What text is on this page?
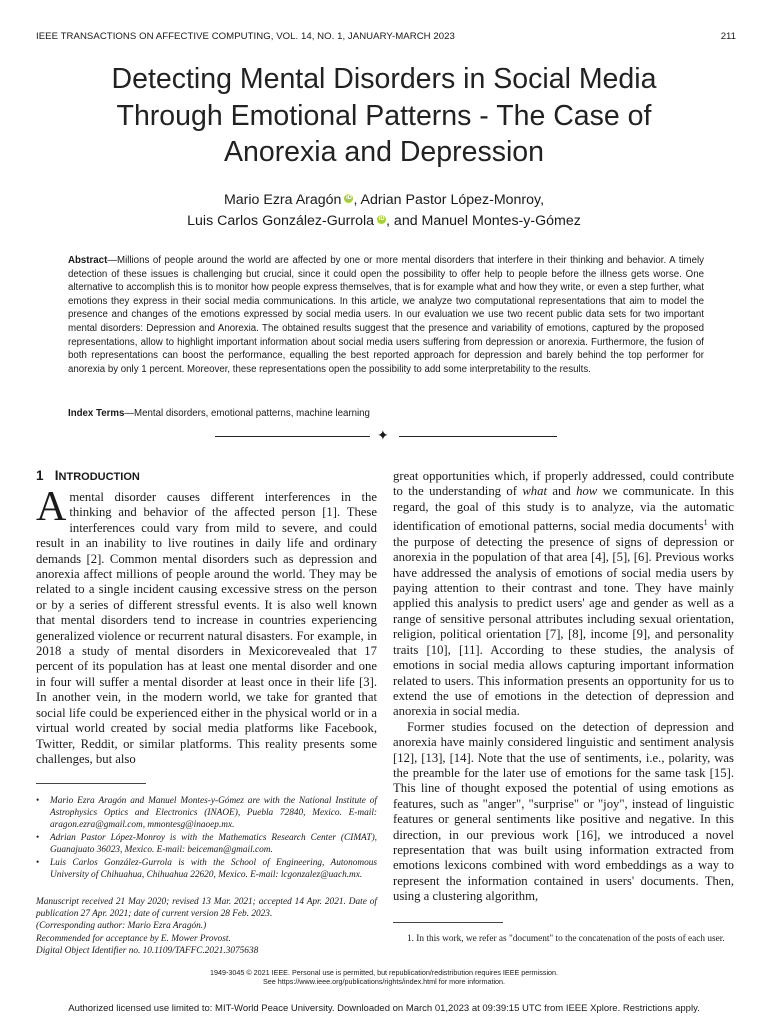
IEEE TRANSACTIONS ON AFFECTIVE COMPUTING, VOL. 14, NO. 1, JANUARY-MARCH 2023	211
Detecting Mental Disorders in Social Media
Through Emotional Patterns - The Case of
Anorexia and Depression
Mario Ezra Aragón iD , Adrian Pastor López-Monroy,
Luis Carlos González-Gurrola iD , and Manuel Montes-y-Gómez
Abstract—Millions of people around the world are affected by one or more mental disorders that interfere in their thinking and behavior. A timely detection of these issues is challenging but crucial, since it could open the possibility to offer help to people before the illness gets worse. One alternative to accomplish this is to monitor how people express themselves, that is for example what and how they write, or even a step further, what emotions they express in their social media communications. In this article, we analyze two computational representations that aim to model the presence and changes of the emotions expressed by social media users. In our evaluation we use two recent public data sets for two important mental disorders: Depression and Anorexia. The obtained results suggest that the presence and variability of emotions, captured by the proposed representations, allow to highlight important information about social media users suffering from depression or anorexia. Furthermore, the fusion of both representations can boost the performance, equalling the best reported approach for depression and barely behind the top performer for anorexia by only 1 percent. Moreover, these representations open the possibility to add some interpretability to the results.
Index Terms—Mental disorders, emotional patterns, machine learning
✦
1 INTRODUCTION

A mental disorder causes different interferences in the thinking and behavior of the affected person [1]. These interferences could vary from mild to severe, and could result in an inability to live routines in daily life and ordinary demands [2]. Common mental disorders such as depression and anorexia affect millions of people around the world. They may be related to a single incident causing excessive stress on the person or by a series of different stressful events. It is also well known that mental disorders tend to increase in countries experiencing generalized violence or recurrent natural disasters. For example, in 2018 a study of mental disorders in Mexicorevealed that 17 percent of its population has at least one mental disorder and one in four will suffer a mental disorder at least once in their life [3]. In another vein, in the modern world, we take for granted that social life could be experienced either in the physical world or in a virtual world created by social media platforms like Facebook, Twitter, Reddit, or similar platforms. This reality presents some challenges, but also

• Mario Ezra Aragón and Manuel Montes-y-Gómez are with the National Institute of Astrophysics Optics and Electronics (INAOE), Puebla 72840, Mexico. E-mail: aragon.ezra@gmail.com, mmontesg@inaoep.mx.
• Adrian Pastor López-Monroy is with the Mathematics Research Center (CIMAT), Guanajuato 36023, Mexico. E-mail: beiceman@gmail.com.
• Luis Carlos González-Gurrola is with the School of Engineering, Autonomous University of Chihuahua, Chihuahua 22620, Mexico. E-mail: lcgonzalez@uach.mx.
Manuscript received 21 May 2020; revised 13 Mar. 2021; accepted 14 Apr. 2021. Date of publication 27 Apr. 2021; date of current version 28 Feb. 2023.
(Corresponding author: Mario Ezra Aragón.)
Recommended for acceptance by E. Mower Provost.
Digital Object Identifier no. 10.1109/TAFFC.2021.3075638

great opportunities which, if properly addressed, could contribute to the understanding of what and how we communicate. In this regard, the goal of this study is to analyze, via the automatic identification of emotional patterns, social media documents$^1$ with the purpose of detecting the presence of signs of depression or anorexia in the population of that area [4], [5], [6]. Previous works have addressed the analysis of emotions of social media users by paying attention to their contrast and tone. They have mainly applied this analysis to predict users' age and gender as well as a range of sensitive personal attributes including sexual orientation, religion, political orientation [7], [8], income [9], and personality traits [10], [11]. According to these studies, the analysis of emotions in social media allows capturing important information related to users. This information presents an opportunity for us to extend the use of emotions in the detection of depression and anorexia in social media.

Former studies focused on the detection of depression and anorexia have mainly considered linguistic and sentiment analysis [12], [13], [14]. Note that the use of sentiments, i.e., polarity, was the preamble for the later use of emotions for the same task [15]. This line of thought exposed the potential of using emotions as features, such as "anger", "surprise" or "joy", instead of linguistic features or general sentiments like positive and negative. In this direction, in our previous work [16], we introduced a novel representation that was built using information extracted from emotions lexicons combined with word embeddings as a way to represent the information contained in users' documents. Then, using a clustering algorithm,

1. In this work, we refer as "document" to the concatenation of the posts of each user.
1949-3045 © 2021 IEEE. Personal use is permitted, but republication/redistribution requires IEEE permission.
See https://www.ieee.org/publications/rights/index.html for more information.
Authorized licensed use limited to: MIT-World Peace University. Downloaded on March 01,2023 at 09:39:15 UTC from IEEE Xplore. Restrictions apply.
